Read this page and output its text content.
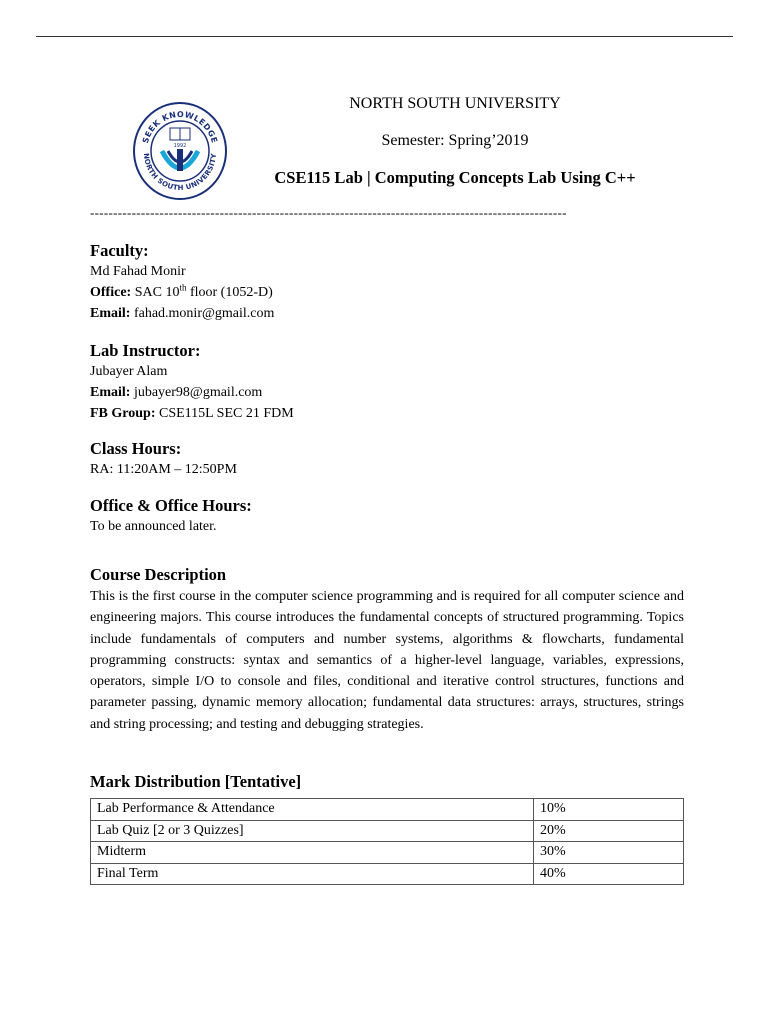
SEEK KNOWLEDGE
NORTH SOUTH UNIVERSITY
1992
NORTH SOUTH UNIVERSITY
Semester: Spring’2019
CSE115 Lab | Computing Concepts Lab Using C++
-------------------------------------------------------------------------------------------------------

Faculty:

Md Fahad Monir

Office: SAC 10th floor (1052-D)

Email: fahad.monir@gmail.com

Lab Instructor:

Jubayer Alam

Email: jubayer98@gmail.com

FB Group: CSE115L SEC 21 FDM

Class Hours:

RA: 11:20AM – 12:50PM

Office & Office Hours:

To be announced later.

Course Description

This is the first course in the computer science programming and is required for all computer science and engineering majors. This course introduces the fundamental concepts of structured programming. Topics include fundamentals of computers and number systems, algorithms & flowcharts, fundamental programming constructs: syntax and semantics of a higher-level language, variables, expressions, operators, simple I/O to console and files, conditional and iterative control structures, functions and parameter passing, dynamic memory allocation; fundamental data structures: arrays, structures, strings and string processing; and testing and debugging strategies.

Mark Distribution [Tentative]

Lab Performance & Attendance	10%
Lab Quiz [2 or 3 Quizzes]	20%
Midterm	30%
Final Term	40%
